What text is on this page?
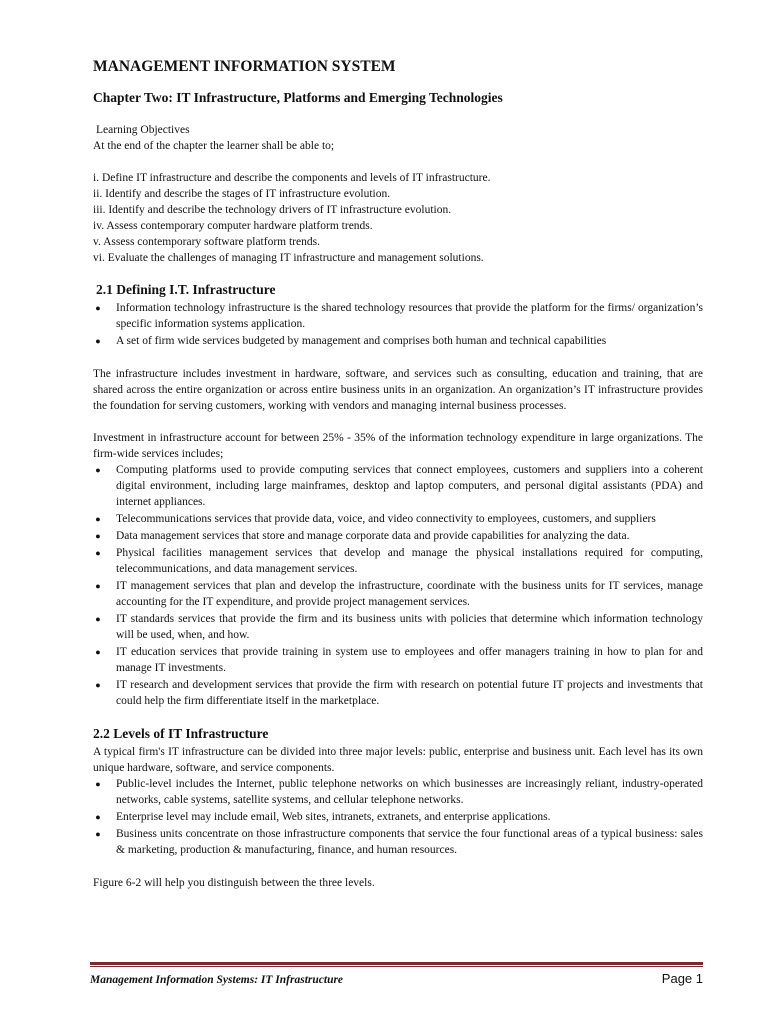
MANAGEMENT INFORMATION SYSTEM
Chapter Two: IT Infrastructure, Platforms and Emerging Technologies
Learning Objectives
At the end of the chapter the learner shall be able to;
i. Define IT infrastructure and describe the components and levels of IT infrastructure.
ii. Identify and describe the stages of IT infrastructure evolution.
iii. Identify and describe the technology drivers of IT infrastructure evolution.
iv. Assess contemporary computer hardware platform trends.
v. Assess contemporary software platform trends.
vi. Evaluate the challenges of managing IT infrastructure and management solutions.
2.1 Defining I.T. Infrastructure
● Information technology infrastructure is the shared technology resources that provide the platform for the firms/ organization’s specific information systems application.
● A set of firm wide services budgeted by management and comprises both human and technical capabilities
The infrastructure includes investment in hardware, software, and services such as consulting, education and training, that are shared across the entire organization or across entire business units in an organization. An organization’s IT infrastructure provides the foundation for serving customers, working with vendors and managing internal business processes.
Investment in infrastructure account for between 25% - 35% of the information technology expenditure in large organizations. The firm-wide services includes;
● Computing platforms used to provide computing services that connect employees, customers and suppliers into a coherent digital environment, including large mainframes, desktop and laptop computers, and personal digital assistants (PDA) and internet appliances.
● Telecommunications services that provide data, voice, and video connectivity to employees, customers, and suppliers
● Data management services that store and manage corporate data and provide capabilities for analyzing the data.
● Physical facilities management services that develop and manage the physical installations required for computing, telecommunications, and data management services.
● IT management services that plan and develop the infrastructure, coordinate with the business units for IT services, manage accounting for the IT expenditure, and provide project management services.
● IT standards services that provide the firm and its business units with policies that determine which information technology will be used, when, and how.
● IT education services that provide training in system use to employees and offer managers training in how to plan for and manage IT investments.
● IT research and development services that provide the firm with research on potential future IT projects and investments that could help the firm differentiate itself in the marketplace.
2.2 Levels of IT Infrastructure
A typical firm's IT infrastructure can be divided into three major levels: public, enterprise and business unit. Each level has its own unique hardware, software, and service components.
● Public-level includes the Internet, public telephone networks on which businesses are increasingly reliant, industry-operated networks, cable systems, satellite systems, and cellular telephone networks.
● Enterprise level may include email, Web sites, intranets, extranets, and enterprise applications.
● Business units concentrate on those infrastructure components that service the four functional areas of a typical business: sales & marketing, production & manufacturing, finance, and human resources.
Figure 6-2 will help you distinguish between the three levels.
Management Information Systems: IT Infrastructure	Page 1
